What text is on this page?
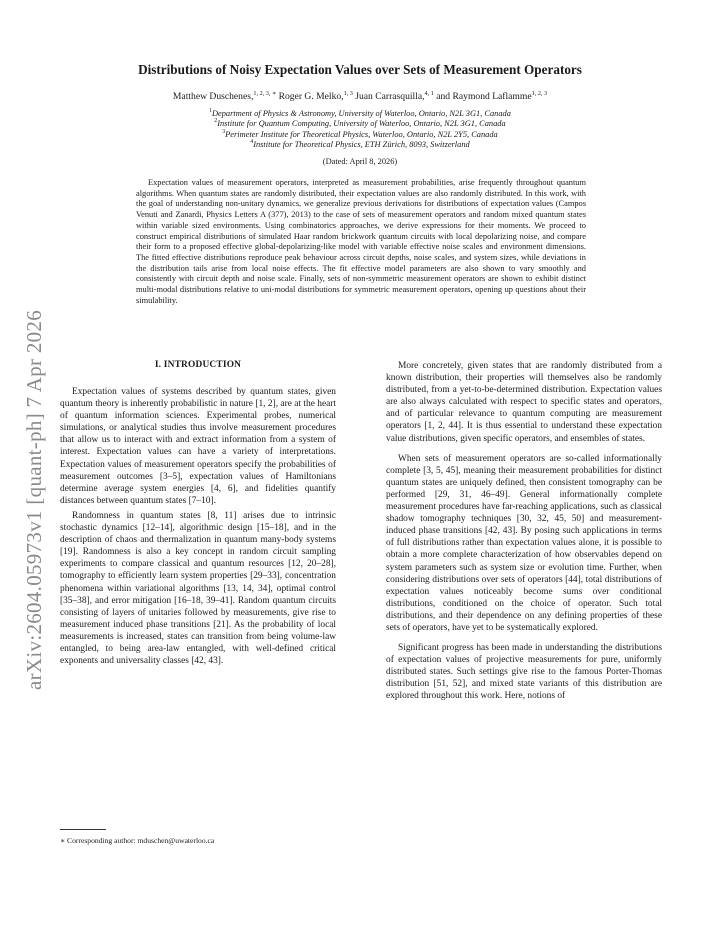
arXiv:2604.05973v1 [quant-ph] 7 Apr 2026
Distributions of Noisy Expectation Values over Sets of Measurement Operators
Matthew Duschenes,$^{1, 2, 3, ∗}$ Roger G. Melko,$^{1, 3}$ Juan Carrasquilla,$^{4, 1}$ and Raymond Laflamme$^{1, 2, 3}$
$^1$Department of Physics & Astronomy, University of Waterloo, Ontario, N2L 3G1, Canada
$^2$Institute for Quantum Computing, University of Waterloo, Ontario, N2L 3G1, Canada
$^3$Perimeter Institute for Theoretical Physics, Waterloo, Ontario, N2L 2Y5, Canada
$^4$Institute for Theoretical Physics, ETH Zürich, 8093, Switzerland
(Dated: April 8, 2026)
Expectation values of measurement operators, interpreted as measurement probabilities, arise frequently throughout quantum algorithms. When quantum states are randomly distributed, their expectation values are also randomly distributed. In this work, with the goal of understanding non-unitary dynamics, we generalize previous derivations for distributions of expectation values (Campos Venuti and Zanardi, Physics Letters A (377), 2013) to the case of sets of measurement operators and random mixed quantum states within variable sized environments. Using combinatorics approaches, we derive expressions for their moments. We proceed to construct empirical distributions of simulated Haar random brickwork quantum circuits with local depolarizing noise, and compare their form to a proposed effective global-depolarizing-like model with variable effective noise scales and environment dimensions. The fitted effective distributions reproduce peak behaviour across circuit depths, noise scales, and system sizes, while deviations in the distribution tails arise from local noise effects. The fit effective model parameters are also shown to vary smoothly and consistently with circuit depth and noise scale. Finally, sets of non-symmetric measurement operators are shown to exhibit distinct multi-modal distributions relative to uni-modal distributions for symmetric measurement operators, opening up questions about their simulability.
I. INTRODUCTION

Expectation values of systems described by quantum states, given quantum theory is inherently probabilistic in nature [1, 2], are at the heart of quantum information sciences. Experimental probes, numerical simulations, or analytical studies thus involve measurement procedures that allow us to interact with and extract information from a system of interest. Expectation values can have a variety of interpretations. Expectation values of measurement operators specify the probabilities of measurement outcomes [3–5], expectation values of Hamiltonians determine average system energies [4, 6], and fidelities quantify distances between quantum states [7–10].

Randomness in quantum states [8, 11] arises due to intrinsic stochastic dynamics [12–14], algorithmic design [15–18], and in the description of chaos and thermalization in quantum many-body systems [19]. Randomness is also a key concept in random circuit sampling experiments to compare classical and quantum resources [12, 20–28], tomography to efficiently learn system properties [29–33], concentration phenomena within variational algorithms [13, 14, 34], optimal control [35–38], and error mitigation [16–18, 39–41]. Random quantum circuits consisting of layers of unitaries followed by measurements, give rise to measurement induced phase transitions [21]. As the probability of local measurements is increased, states can transition from being volume-law entangled, to being area-law entangled, with well-defined critical exponents and universality classes [42, 43].

More concretely, given states that are randomly distributed from a known distribution, their properties will themselves also be randomly distributed, from a yet-to-be-determined distribution. Expectation values are also always calculated with respect to specific states and operators, and of particular relevance to quantum computing are measurement operators [1, 2, 44]. It is thus essential to understand these expectation value distributions, given specific operators, and ensembles of states.

When sets of measurement operators are so-called informationally complete [3, 5, 45], meaning their measurement probabilities for distinct quantum states are uniquely defined, then consistent tomography can be performed [29, 31, 46–49]. General informationally complete measurement procedures have far-reaching applications, such as classical shadow tomography techniques [30, 32, 45, 50] and measurement-induced phase transitions [42, 43]. By posing such applications in terms of full distributions rather than expectation values alone, it is possible to obtain a more complete characterization of how observables depend on system parameters such as system size or evolution time. Further, when considering distributions over sets of operators [44], total distributions of expectation values noticeably become sums over conditional distributions, conditioned on the choice of operator. Such total distributions, and their dependence on any defining properties of these sets of operators, have yet to be systematically explored.

Significant progress has been made in understanding the distributions of expectation values of projective measurements for pure, uniformly distributed states. Such settings give rise to the famous Porter-Thomas distribution [51, 52], and mixed state variants of this distribution are explored throughout this work. Here, notions of

∗ Corresponding author: mduschen@uwaterloo.ca
